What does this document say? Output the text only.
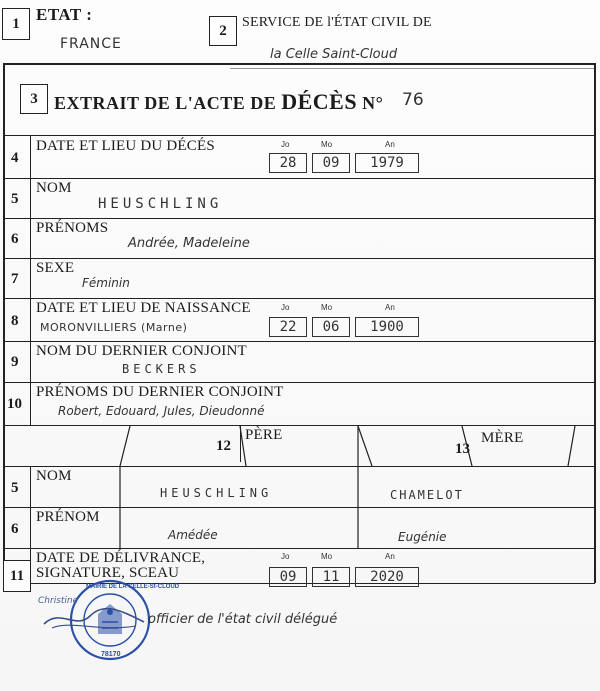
1 ETAT :
FRANCE
2	SERVICE DE l'ÉTAT CIVIL DE
la Celle Saint-Cloud
3 EXTRAIT DE L'ACTE DE DÉCÈS N° 76
4
DATE ET LIEU DU DÉCÉS	Jo	Mo	An
28	09	1979
5
NOM
HEUSCHLING
6
PRÉNOMS
Andrée, Madeleine
7
SEXE
Féminin
8
DATE ET LIEU DE NAISSANCE	Jo	Mo	An
MORONVILLIERS (Marne)	22	06	1900
9
NOM DU DERNIER CONJOINT
BECKERS
10
PRÉNOMS DU DERNIER CONJOINT
Robert, Edouard, Jules, Dieudonné
12
PÈRE
13
MÈRE
5
NOM
HEUSCHLING	CHAMELOT
6
PRÉNOM
Amédée	Eugénie
11
DATE DE DÉLIVRANCE,
SIGNATURE, SCEAU
Jo	Mo	An
09	11	2020
MAIRIE DE LA CELLE-St-CLOUD
78170
Christine
officier de l'état civil délégué
